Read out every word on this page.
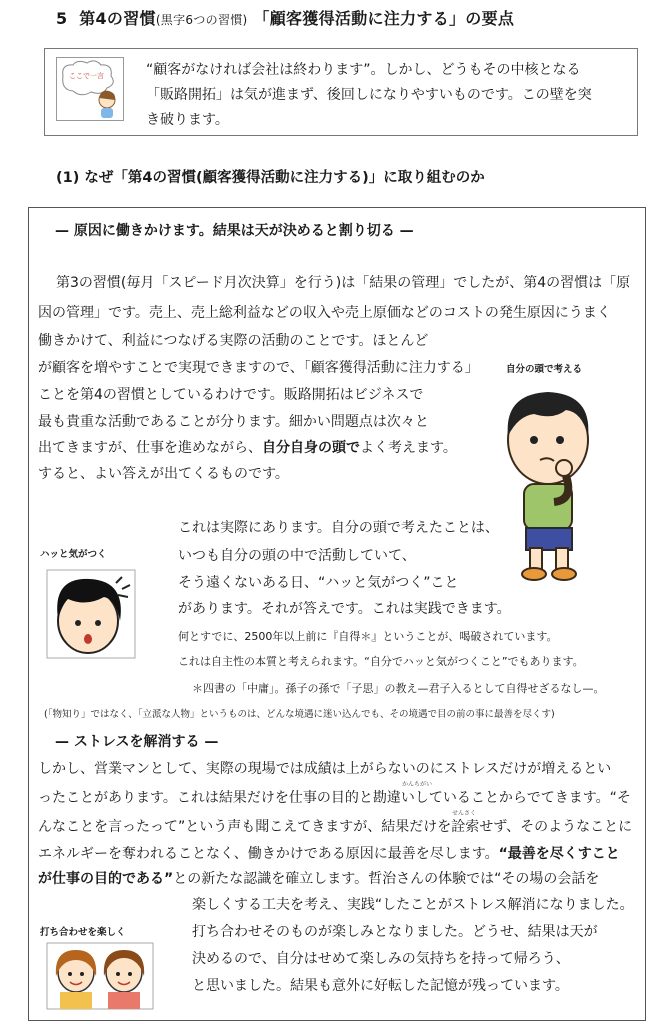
5 第4の習慣(黒字6つの習慣) 「顧客獲得活動に注力する」の要点
ここで一言	“顧客がなければ会社は終わります”。しかし、どうもその中核となる
「販路開拓」は気が進まず、後回しになりやすいものです。この壁を突
き破ります。
(1) なぜ「第4の習慣(顧客獲得活動に注力する)」に取り組むのか
— 原因に働きかけます。結果は天が決めると割り切る —
第3の習慣(毎月「スピード月次決算」を行う)は「結果の管理」でしたが、第4の習慣は「原
因の管理」です。売上、売上総利益などの収入や売上原価などのコストの発生原因にうまく
働きかけて、利益につなげる実際の活動のことです。ほとんど
が顧客を増やすことで実現できますので、「顧客獲得活動に注力する」	自分の頭で考える
ことを第4の習慣としているわけです。販路開拓はビジネスで
最も貴重な活動であることが分ります。細かい問題点は次々と
出てきますが、仕事を進めながら、自分自身の頭でよく考えます。
すると、よい答えが出てくるものです。
ハッと気がつく
これは実際にあります。自分の頭で考えたことは、
いつも自分の頭の中で活動していて、
そう遠くないある日、“ハッと気がつく”こと
があります。それが答えです。これは実践できます。
何とすでに、2500年以上前に『自得＊』ということが、喝破されています。
これは自主性の本質と考えられます。“自分でハッと気がつくこと”でもあります。
＊四書の「中庸」。孫子の孫で「子思」の教え—君子入るとして自得せざるなし—。
(「物知り」ではなく、「立派な人物」というものは、どんな境遇に迷い込んでも、その境遇で目の前の事に最善を尽くす)
— ストレスを解消する —
しかし、営業マンとして、実際の現場では成績は上がらないのにストレスだけが増えるとい
かんちがい
ったことがあります。これは結果だけを仕事の目的と勘違いしていることからでてきます。“そ
せんさく
んなことを言ったって”という声も聞こえてきますが、結果だけを詮索せず、そのようなことに
エネルギーを奪われることなく、働きかけである原因に最善を尽します。“最善を尽くすこと
が仕事の目的である”との新たな認識を確立します。哲治さんの体験では“その場の会話を
楽しくする工夫を考え、実践“したことがストレス解消になりました。
打ち合わせそのものが楽しみとなりました。どうせ、結果は天が
決めるので、自分はせめて楽しみの気持ちを持って帰ろう、
と思いました。結果も意外に好転した記憶が残っています。
打ち合わせを楽しく
